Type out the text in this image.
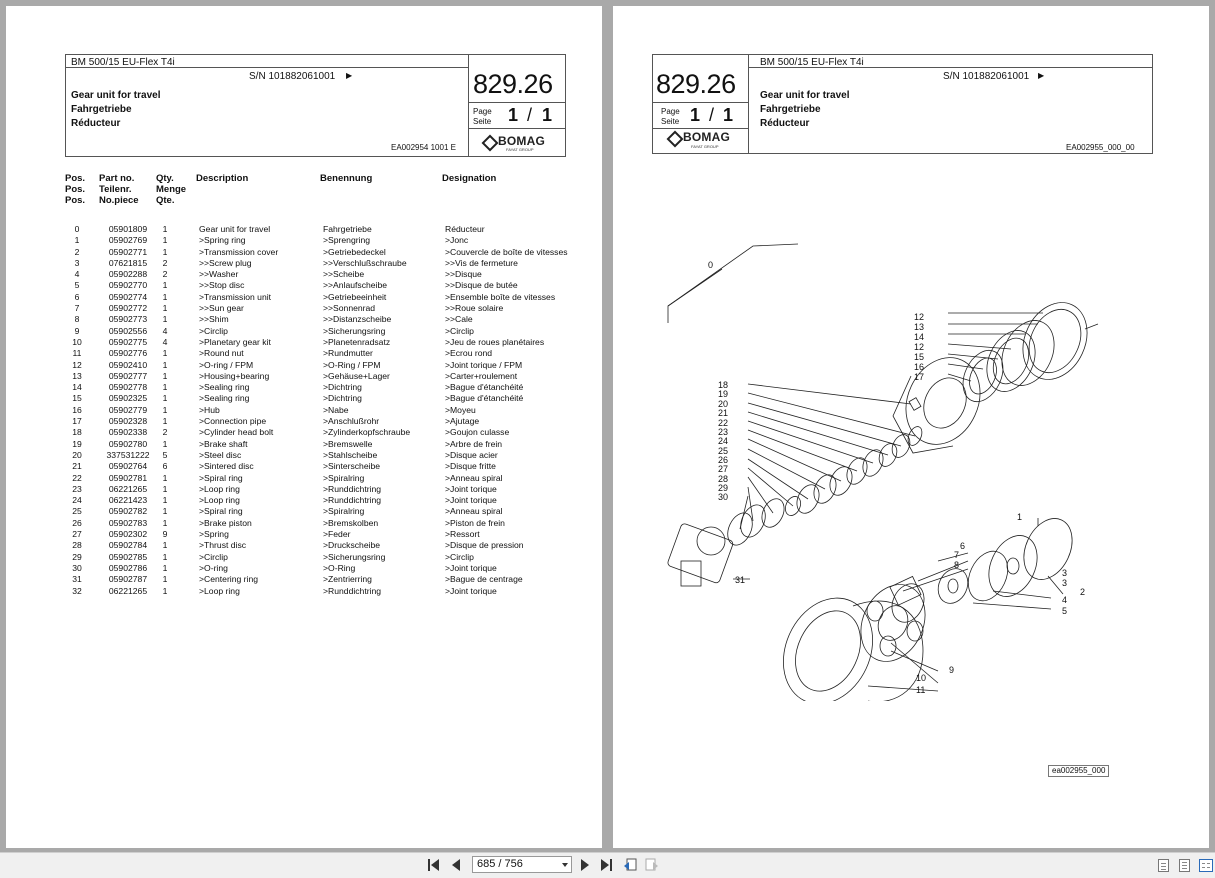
BM 500/15 EU-Flex T4i
S/N 101882061001 ▶
Gear unit for travel
Fahrgetriebe
Réducteur
EA002954 1001 E
829.26
Page
Seite 1 / 1
BOMAG
FAYAT GROUP
Pos.
Pos.
Pos.
Part no.
Teilenr.
No.piece
Qty.
Menge
Qte.
Description	Benennung	Designation
0	05901809	1	Gear unit for travel	Fahrgetriebe	Réducteur
1	05902769	1	>Spring ring	>Sprengring	>Jonc
2	05902771	1	>Transmission cover	>Getriebedeckel	>Couvercle de boîte de vitesses
3	07621815	2	>>Screw plug	>>Verschlußschraube	>>Vis de fermeture
4	05902288	2	>>Washer	>>Scheibe	>>Disque
5	05902770	1	>>Stop disc	>>Anlaufscheibe	>>Disque de butée
6	05902774	1	>Transmission unit	>Getriebeeinheit	>Ensemble boîte de vitesses
7	05902772	1	>>Sun gear	>>Sonnenrad	>>Roue solaire
8	05902773	1	>>Shim	>>Distanzscheibe	>>Cale
9	05902556	4	>Circlip	>Sicherungsring	>Circlip
10	05902775	4	>Planetary gear kit	>Planetenradsatz	>Jeu de roues planétaires
11	05902776	1	>Round nut	>Rundmutter	>Ecrou rond
12	05902410	1	>O-ring / FPM	>O-Ring / FPM	>Joint torique / FPM
13	05902777	1	>Housing+bearing	>Gehäuse+Lager	>Carter+roulement
14	05902778	1	>Sealing ring	>Dichtring	>Bague d'étanchéité
15	05902325	1	>Sealing ring	>Dichtring	>Bague d'étanchéité
16	05902779	1	>Hub	>Nabe	>Moyeu
17	05902328	1	>Connection pipe	>Anschlußrohr	>Ajutage
18	05902338	2	>Cylinder head bolt	>Zylinderkopfschraube	>Goujon culasse
19	05902780	1	>Brake shaft	>Bremswelle	>Arbre de frein
20	337531222	5	>Steel disc	>Stahlscheibe	>Disque acier
21	05902764	6	>Sintered disc	>Sinterscheibe	>Disque fritte
22	05902781	1	>Spiral ring	>Spiralring	>Anneau spiral
23	06221265	1	>Loop ring	>Runddichtring	>Joint torique
24	06221423	1	>Loop ring	>Runddichtring	>Joint torique
25	05902782	1	>Spiral ring	>Spiralring	>Anneau spiral
26	05902783	1	>Brake piston	>Bremskolben	>Piston de frein
27	05902302	9	>Spring	>Feder	>Ressort
28	05902784	1	>Thrust disc	>Druckscheibe	>Disque de pression
29	05902785	1	>Circlip	>Sicherungsring	>Circlip
30	05902786	1	>O-ring	>O-Ring	>Joint torique
31	05902787	1	>Centering ring	>Zentrierring	>Bague de centrage
32	06221265	1	>Loop ring	>Runddichtring	>Joint torique
BM 500/15 EU-Flex T4i
S/N 101882061001 ▶
Gear unit for travel
Fahrgetriebe
Réducteur
EA002955_000_00
829.26
Page
Seite 1 / 1
BOMAG
FAYAT GROUP
0
12
13
14
12
15
16
17
18
19
20
21
22
23
24
25
26
27
28
29
30
31
1
2
3
3
4
5
6
7
8
9
10
11
ea002955_000
685 / 756
